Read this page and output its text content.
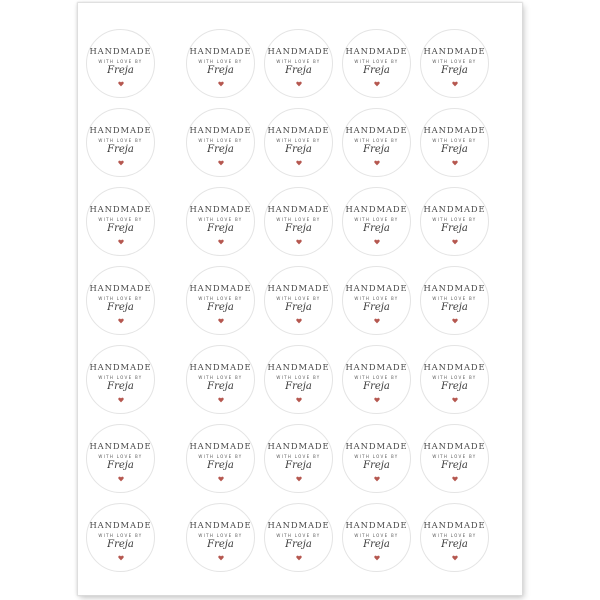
HANDMADE
WITH LOVE BY
Freja
HANDMADE
WITH LOVE BY
Freja
HANDMADE
WITH LOVE BY
Freja
HANDMADE
WITH LOVE BY
Freja
HANDMADE
WITH LOVE BY
Freja
HANDMADE
WITH LOVE BY
Freja
HANDMADE
WITH LOVE BY
Freja
HANDMADE
WITH LOVE BY
Freja
HANDMADE
WITH LOVE BY
Freja
HANDMADE
WITH LOVE BY
Freja
HANDMADE
WITH LOVE BY
Freja
HANDMADE
WITH LOVE BY
Freja
HANDMADE
WITH LOVE BY
Freja
HANDMADE
WITH LOVE BY
Freja
HANDMADE
WITH LOVE BY
Freja
HANDMADE
WITH LOVE BY
Freja
HANDMADE
WITH LOVE BY
Freja
HANDMADE
WITH LOVE BY
Freja
HANDMADE
WITH LOVE BY
Freja
HANDMADE
WITH LOVE BY
Freja
HANDMADE
WITH LOVE BY
Freja
HANDMADE
WITH LOVE BY
Freja
HANDMADE
WITH LOVE BY
Freja
HANDMADE
WITH LOVE BY
Freja
HANDMADE
WITH LOVE BY
Freja
HANDMADE
WITH LOVE BY
Freja
HANDMADE
WITH LOVE BY
Freja
HANDMADE
WITH LOVE BY
Freja
HANDMADE
WITH LOVE BY
Freja
HANDMADE
WITH LOVE BY
Freja
HANDMADE
WITH LOVE BY
Freja
HANDMADE
WITH LOVE BY
Freja
HANDMADE
WITH LOVE BY
Freja
HANDMADE
WITH LOVE BY
Freja
HANDMADE
WITH LOVE BY
Freja
